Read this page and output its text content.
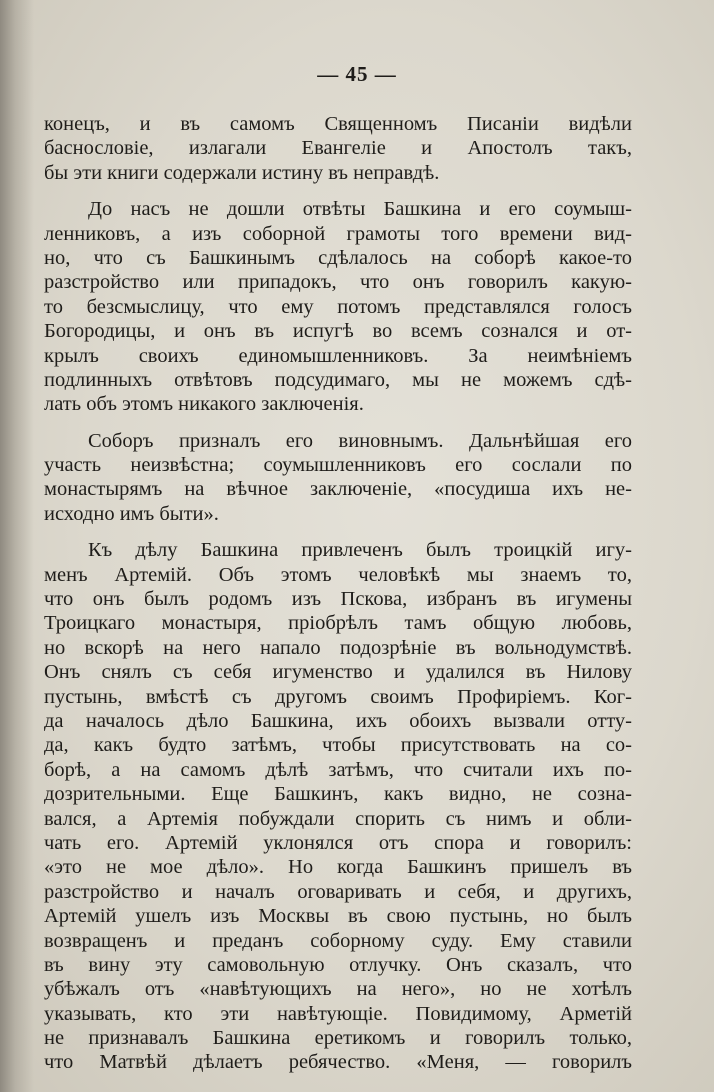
— 45 —
конецъ, и въ самомъ Священномъ Писанiи видѣли
баснословiе, излагали Евангелiе и Апостолъ такъ,
бы эти книги содержали истину въ неправдѣ.
До насъ не дошли отвѣты Башкина и его соумыш-
ленниковъ, а изъ соборной грамоты того времени вид-
но, что съ Башкинымъ сдѣлалось на соборѣ какое-то
разстройство или припадокъ, что онъ говорилъ какую-
то безсмыслицу, что ему потомъ представлялся голосъ
Богородицы, и онъ въ испугѣ во всемъ сознался и от-
крылъ своихъ единомышленниковъ. За неимѣнiемъ
подлинныхъ отвѣтовъ подсудимаго, мы не можемъ сдѣ-
лать объ этомъ никакого заключенiя.
Соборъ призналъ его виновнымъ. Дальнѣйшая его
участь неизвѣстна; соумышленниковъ его сослали по
монастырямъ на вѣчное заключенiе, «посудиша ихъ не-
исходно имъ быти».
Къ дѣлу Башкина привлеченъ былъ троицкiй игу-
менъ Артемiй. Объ этомъ человѣкѣ мы знаемъ то,
что онъ былъ родомъ изъ Пскова, избранъ въ игумены
Троицкаго монастыря, прiобрѣлъ тамъ общую любовь,
но вскорѣ на него напало подозрѣнiе въ вольнодумствѣ.
Онъ снялъ съ себя игуменство и удалился въ Нилову
пустынь, вмѣстѣ съ другомъ своимъ Профирiемъ. Ког-
да началось дѣло Башкина, ихъ обоихъ вызвали отту-
да, какъ будто затѣмъ, чтобы присутствовать на со-
борѣ, а на самомъ дѣлѣ затѣмъ, что считали ихъ по-
дозрительными. Еще Башкинъ, какъ видно, не созна-
вался, а Артемiя побуждали спорить съ нимъ и обли-
чать его. Артемiй уклонялся отъ спора и говорилъ:
«это не мое дѣло». Но когда Башкинъ пришелъ въ
разстройство и началъ оговаривать и себя, и другихъ,
Артемiй ушелъ изъ Москвы въ свою пустынь, но былъ
возвращенъ и преданъ соборному суду. Ему ставили
въ вину эту самовольную отлучку. Онъ сказалъ, что
убѣжалъ отъ «навѣтующихъ на него», но не хотѣлъ
указывать, кто эти навѣтующiе. Повидимому, Арметiй
не признавалъ Башкина еретикомъ и говорилъ только,
что Матвѣй дѣлаетъ ребячество. «Меня, — говорилъ
